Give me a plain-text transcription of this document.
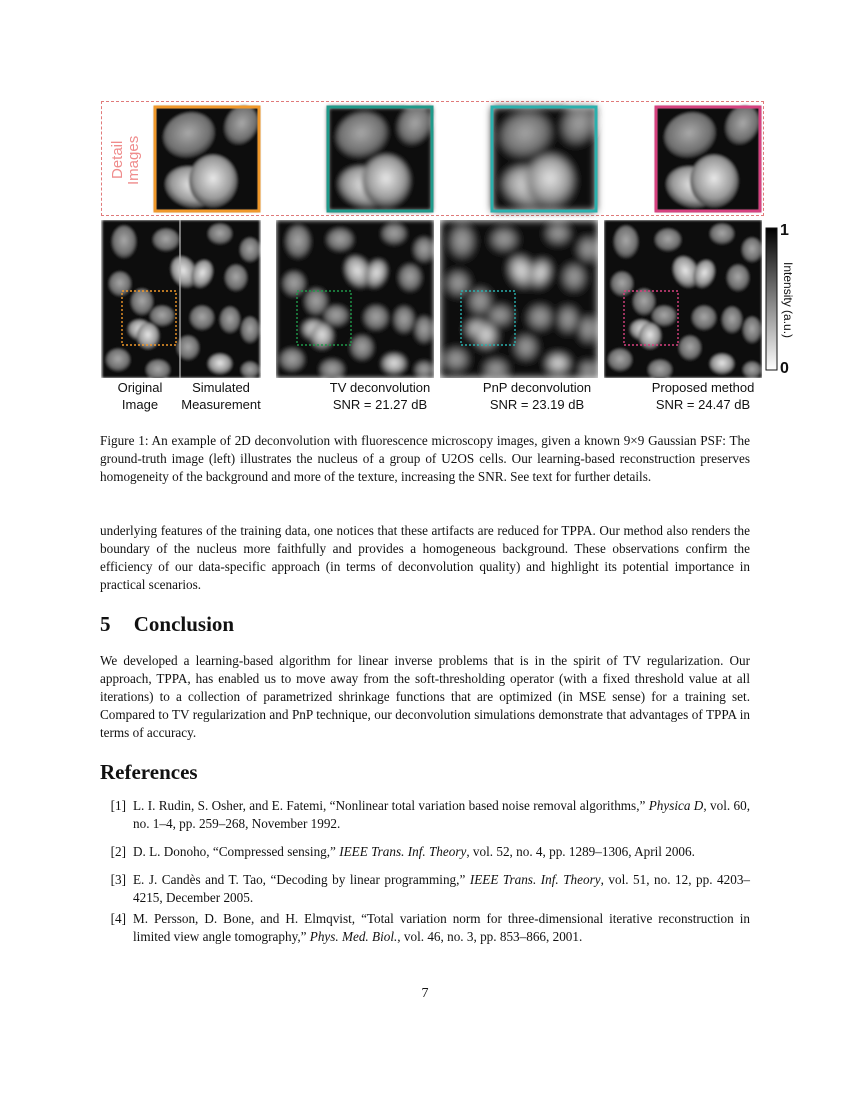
Detail Images
1
0
Intensity (a.u.)
Original
Image
Simulated
Measurement
TV deconvolution
SNR = 21.27 dB
PnP deconvolution
SNR = 23.19 dB
Proposed method
SNR = 24.47 dB
Figure 1: An example of 2D deconvolution with fluorescence microscopy images, given a known 9×9 Gaussian PSF: The ground-truth image (left) illustrates the nucleus of a group of U2OS cells. Our learning-based reconstruction preserves homogeneity of the background and more of the texture, increasing the SNR. See text for further details.
underlying features of the training data, one notices that these artifacts are reduced for TPPA. Our method also renders the boundary of the nucleus more faithfully and provides a homogeneous background. These observations confirm the efficiency of our data-specific approach (in terms of deconvolution quality) and highlight its potential importance in practical scenarios.
5 Conclusion
We developed a learning-based algorithm for linear inverse problems that is in the spirit of TV regularization. Our approach, TPPA, has enabled us to move away from the soft-thresholding operator (with a fixed threshold value at all iterations) to a collection of parametrized shrinkage functions that are optimized (in MSE sense) for a training set. Compared to TV regularization and PnP technique, our deconvolution simulations demonstrate that advantages of TPPA in terms of accuracy.
References
[1] L. I. Rudin, S. Osher, and E. Fatemi, “Nonlinear total variation based noise removal algorithms,” Physica D, vol. 60, no. 1–4, pp. 259–268, November 1992.
[2] D. L. Donoho, “Compressed sensing,” IEEE Trans. Inf. Theory, vol. 52, no. 4, pp. 1289–1306, April 2006.
[3] E. J. Candès and T. Tao, “Decoding by linear programming,” IEEE Trans. Inf. Theory, vol. 51, no. 12, pp. 4203–4215, December 2005.
[4] M. Persson, D. Bone, and H. Elmqvist, “Total variation norm for three-dimensional iterative reconstruction in limited view angle tomography,” Phys. Med. Biol., vol. 46, no. 3, pp. 853–866, 2001.
7
